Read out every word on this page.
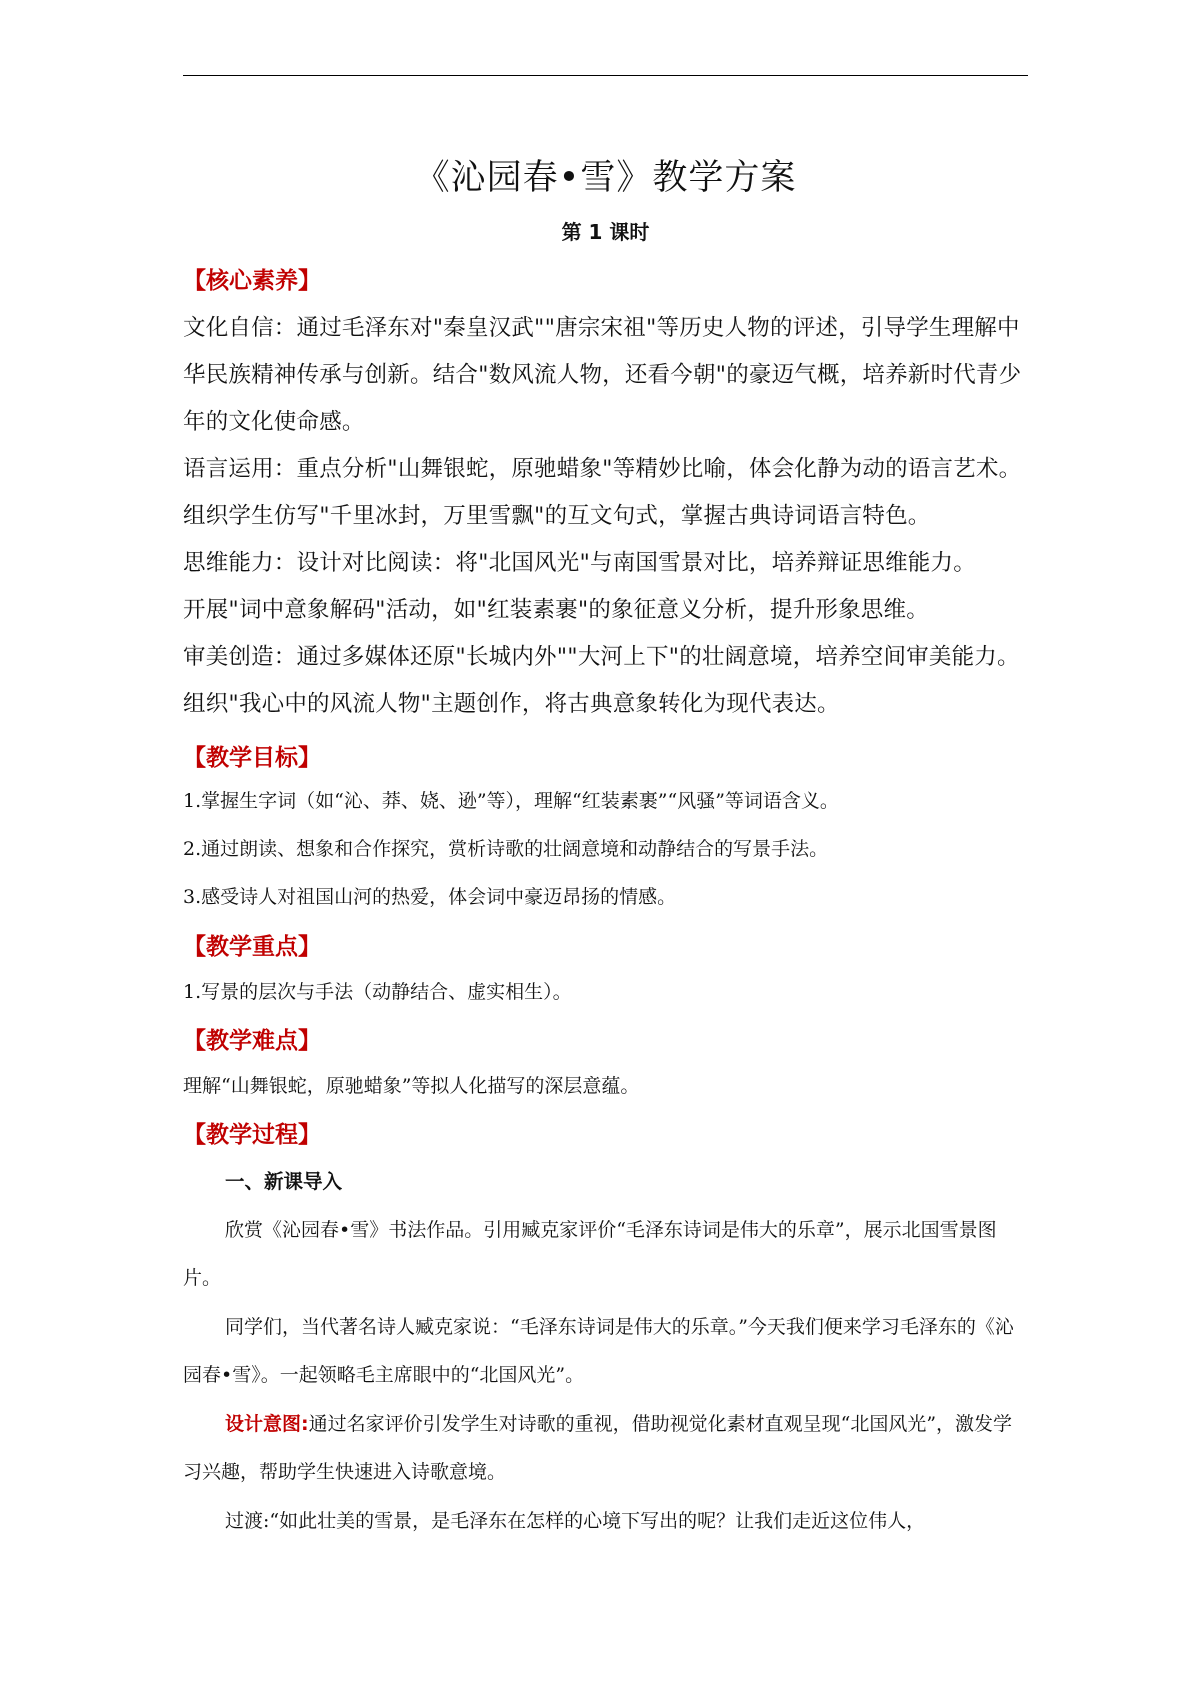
《沁园春•雪》教学方案
第 1 课时
【核心素养】

文化自信：通过毛泽东对"秦皇汉武""唐宗宋祖"等历史人物的评述，引导学生理解中华民族精神传承与创新。结合"数风流人物，还看今朝"的豪迈气概，培养新时代青少年的文化使命感。

语言运用：重点分析"山舞银蛇，原驰蜡象"等精妙比喻，体会化静为动的语言艺术。组织学生仿写"千里冰封，万里雪飘"的互文句式，掌握古典诗词语言特色。

思维能力：设计对比阅读：将"北国风光"与南国雪景对比，培养辩证思维能力。

开展"词中意象解码"活动，如"红装素裹"的象征意义分析，提升形象思维。

审美创造：通过多媒体还原"长城内外""大河上下"的壮阔意境，培养空间审美能力。组织"我心中的风流人物"主题创作，将古典意象转化为现代表达。

【教学目标】

1.掌握生字词（如“沁、莽、娆、逊”等），理解“红装素裹”“风骚”等词语含义。

2.通过朗读、想象和合作探究，赏析诗歌的壮阔意境和动静结合的写景手法。

3.感受诗人对祖国山河的热爱，体会词中豪迈昂扬的情感。

【教学重点】

1.写景的层次与手法（动静结合、虚实相生）。

【教学难点】

理解“山舞银蛇，原驰蜡象”等拟人化描写的深层意蕴。

【教学过程】
一、新课导入

欣赏《沁园春•雪》书法作品。引用臧克家评价“毛泽东诗词是伟大的乐章”，展示北国雪景图片。

同学们，当代著名诗人臧克家说：“毛泽东诗词是伟大的乐章。”今天我们便来学习毛泽东的《沁园春•雪》。一起领略毛主席眼中的“北国风光”。

设计意图:通过名家评价引发学生对诗歌的重视，借助视觉化素材直观呈现“北国风光”，激发学习兴趣，帮助学生快速进入诗歌意境。

过渡:“如此壮美的雪景，是毛泽东在怎样的心境下写出的呢？让我们走近这位伟人，
